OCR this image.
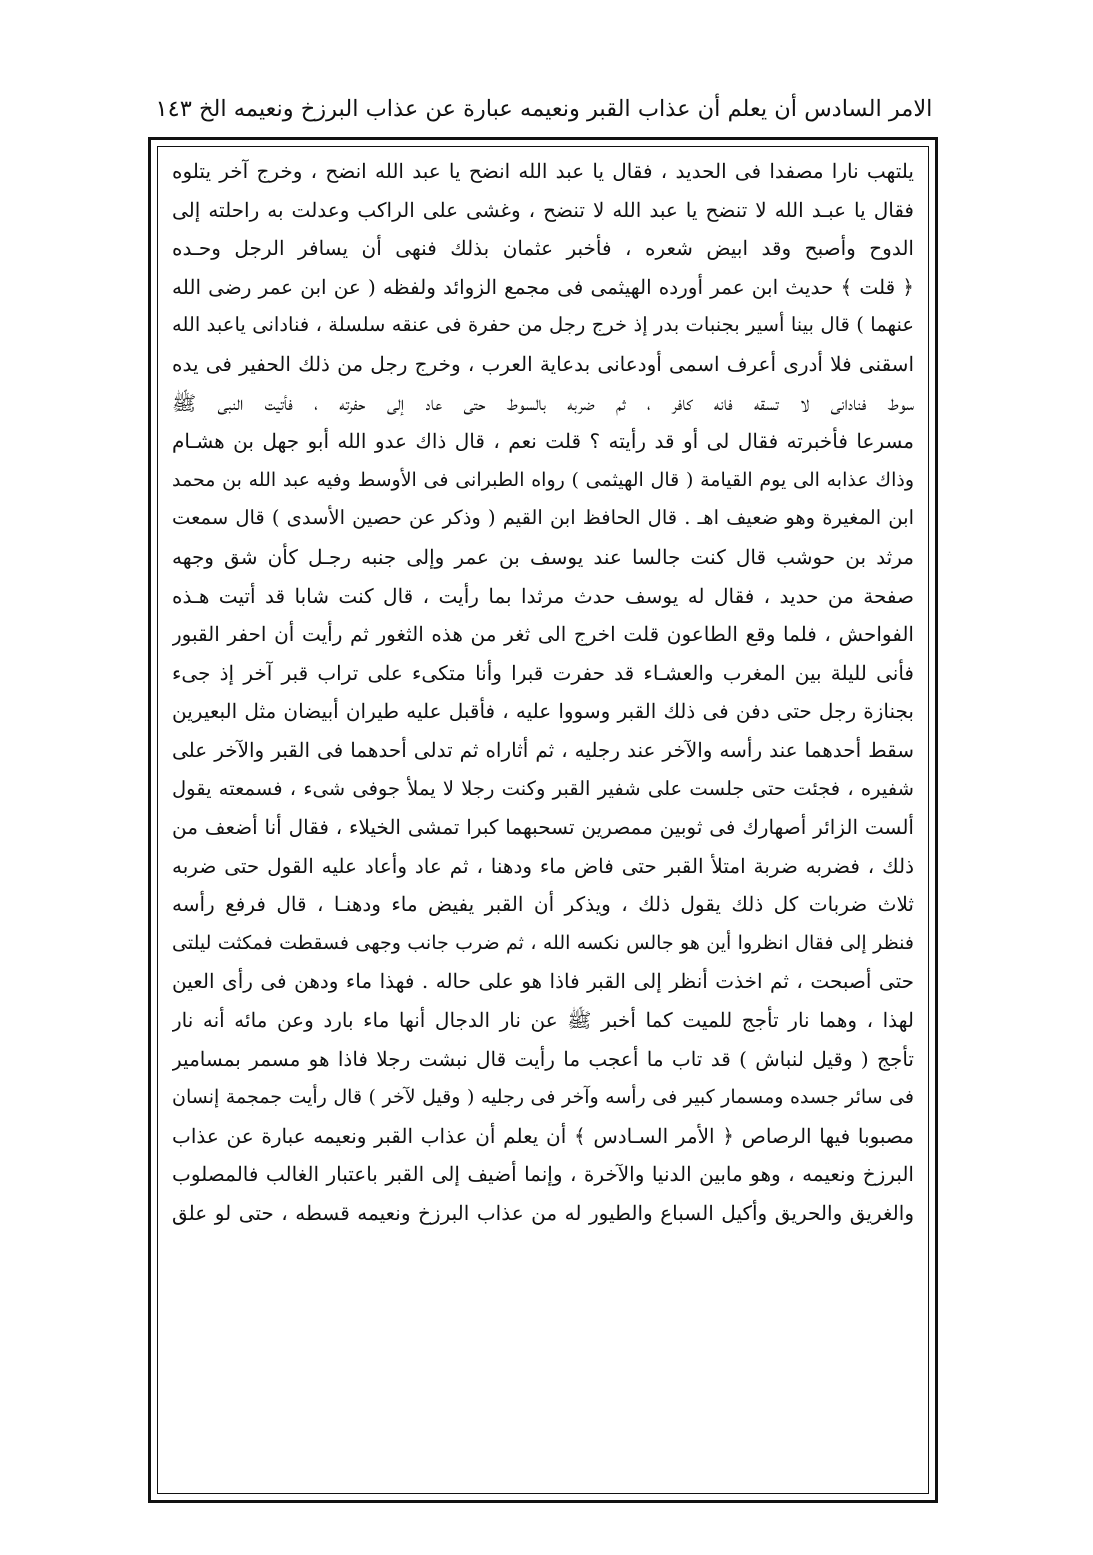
الامر السادس أن يعلم أن عذاب القبر ونعيمه عبارة عن عذاب البرزخ ونعيمه الخ ١٤٣
يلتهب نارا مصفدا فى الحديد ، فقال يا عبد الله انضح يا عبد الله انضح ، وخرج آخر يتلوه
فقال يا عبـد الله لا تنضح يا عبد الله لا تنضح ، وغشى على الراكب وعدلت به راحلته إلى
الدوح وأصبح وقد ابيض شعره ، فأخبر عثمان بذلك فنهى أن يسافر الرجل وحـده
﴿ قلت ﴾ حديث ابن عمر أورده الهيثمى فى مجمع الزوائد ولفظه ( عن ابن عمر رضى الله
عنهما ) قال بينا أسير بجنبات بدر إذ خرج رجل من حفرة فى عنقه سلسلة ، فنادانى ياعبد الله
اسقنى فلا أدرى أعرف اسمى أودعانى بدعاية العرب ، وخرج رجل من ذلك الحفير فى يده
سوط فنادانى لا تسقه فانه كافر ، ثم ضربه بالسوط حتى عاد إلى حفرته ، فأتيت النبى ﷺ
مسرعا فأخبرته فقال لى أو قد رأيته ؟ قلت نعم ، قال ذاك عدو الله أبو جهل بن هشـام
وذاك عذابه الى يوم القيامة ( قال الهيثمى ) رواه الطبرانى فى الأوسط وفيه عبد الله بن محمد
ابن المغيرة وهو ضعيف اهـ . قال الحافظ ابن القيم ( وذكر عن حصين الأسدى ) قال سمعت
مرثد بن حوشب قال كنت جالسا عند يوسف بن عمر وإلى جنبه رجـل كأن شق وجهه
صفحة من حديد ، فقال له يوسف حدث مرثدا بما رأيت ، قال كنت شابا قد أتيت هـذه
الفواحش ، فلما وقع الطاعون قلت اخرج الى ثغر من هذه الثغور ثم رأيت أن احفر القبور
فأنى لليلة بين المغرب والعشـاء قد حفرت قبرا وأنا متكىء على تراب قبر آخر إذ جىء
بجنازة رجل حتى دفن فى ذلك القبر وسووا عليه ، فأقبل عليه طيران أبيضان مثل البعيرين
سقط أحدهما عند رأسه والآخر عند رجليه ، ثم أثاراه ثم تدلى أحدهما فى القبر والآخر على
شفيره ، فجئت حتى جلست على شفير القبر وكنت رجلا لا يملأ جوفى شىء ، فسمعته يقول
ألست الزائر أصهارك فى ثوبين ممصرين تسحبهما كبرا تمشى الخيلاء ، فقال أنا أضعف من
ذلك ، فضربه ضربة امتلأ القبر حتى فاض ماء ودهنا ، ثم عاد وأعاد عليه القول حتى ضربه
ثلاث ضربات كل ذلك يقول ذلك ، ويذكر أن القبر يفيض ماء ودهنـا ، قال فرفع رأسه
فنظر إلى فقال انظروا أين هو جالس نكسه الله ، ثم ضرب جانب وجهى فسقطت فمكثت ليلتى
حتى أصبحت ، ثم اخذت أنظر إلى القبر فاذا هو على حاله . فهذا ماء ودهن فى رأى العين
لهذا ، وهما نار تأجج للميت كما أخبر ﷺ عن نار الدجال أنها ماء بارد وعن مائه أنه نار
تأجج ( وقيل لنباش ) قد تاب ما أعجب ما رأيت قال نبشت رجلا فاذا هو مسمر بمسامير
فى سائر جسده ومسمار كبير فى رأسه وآخر فى رجليه ( وقيل لآخر ) قال رأيت جمجمة إنسان
مصبوبا فيها الرصاص ﴿ الأمر السـادس ﴾ أن يعلم أن عذاب القبر ونعيمه عبارة عن عذاب
البرزخ ونعيمه ، وهو مابين الدنيا والآخرة ، وإنما أضيف إلى القبر باعتبار الغالب فالمصلوب
والغريق والحريق وأكيل السباع والطيور له من عذاب البرزخ ونعيمه قسطه ، حتى لو علق
